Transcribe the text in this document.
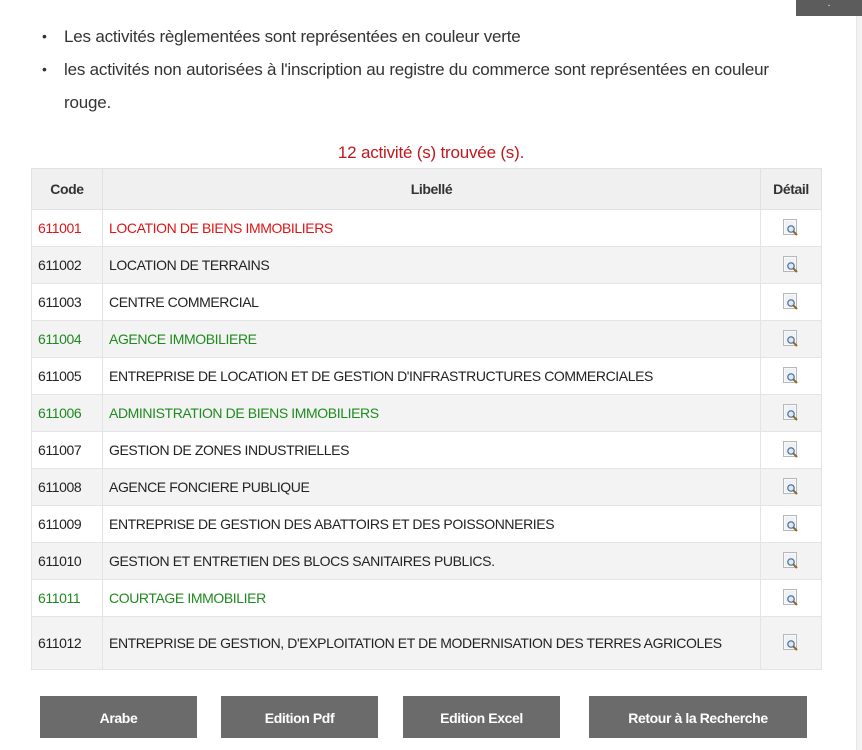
·
• Les activités règlementées sont représentées en couleur verte
• les activités non autorisées à l'inscription au registre du commerce sont représentées en couleur rouge.
12 activité (s) trouvée (s).
Code	Libellé	Détail
611001	LOCATION DE BIENS IMMOBILIERS	
611002	LOCATION DE TERRAINS	
611003	CENTRE COMMERCIAL	
611004	AGENCE IMMOBILIERE	
611005	ENTREPRISE DE LOCATION ET DE GESTION D'INFRASTRUCTURES COMMERCIALES	
611006	ADMINISTRATION DE BIENS IMMOBILIERS	
611007	GESTION DE ZONES INDUSTRIELLES	
611008	AGENCE FONCIERE PUBLIQUE	
611009	ENTREPRISE DE GESTION DES ABATTOIRS ET DES POISSONNERIES	
611010	GESTION ET ENTRETIEN DES BLOCS SANITAIRES PUBLICS.	
611011	COURTAGE IMMOBILIER	
611012	ENTREPRISE DE GESTION, D'EXPLOITATION ET DE MODERNISATION DES TERRES AGRICOLES	
Arabe	Edition Pdf	Edition Excel	Retour à la Recherche
